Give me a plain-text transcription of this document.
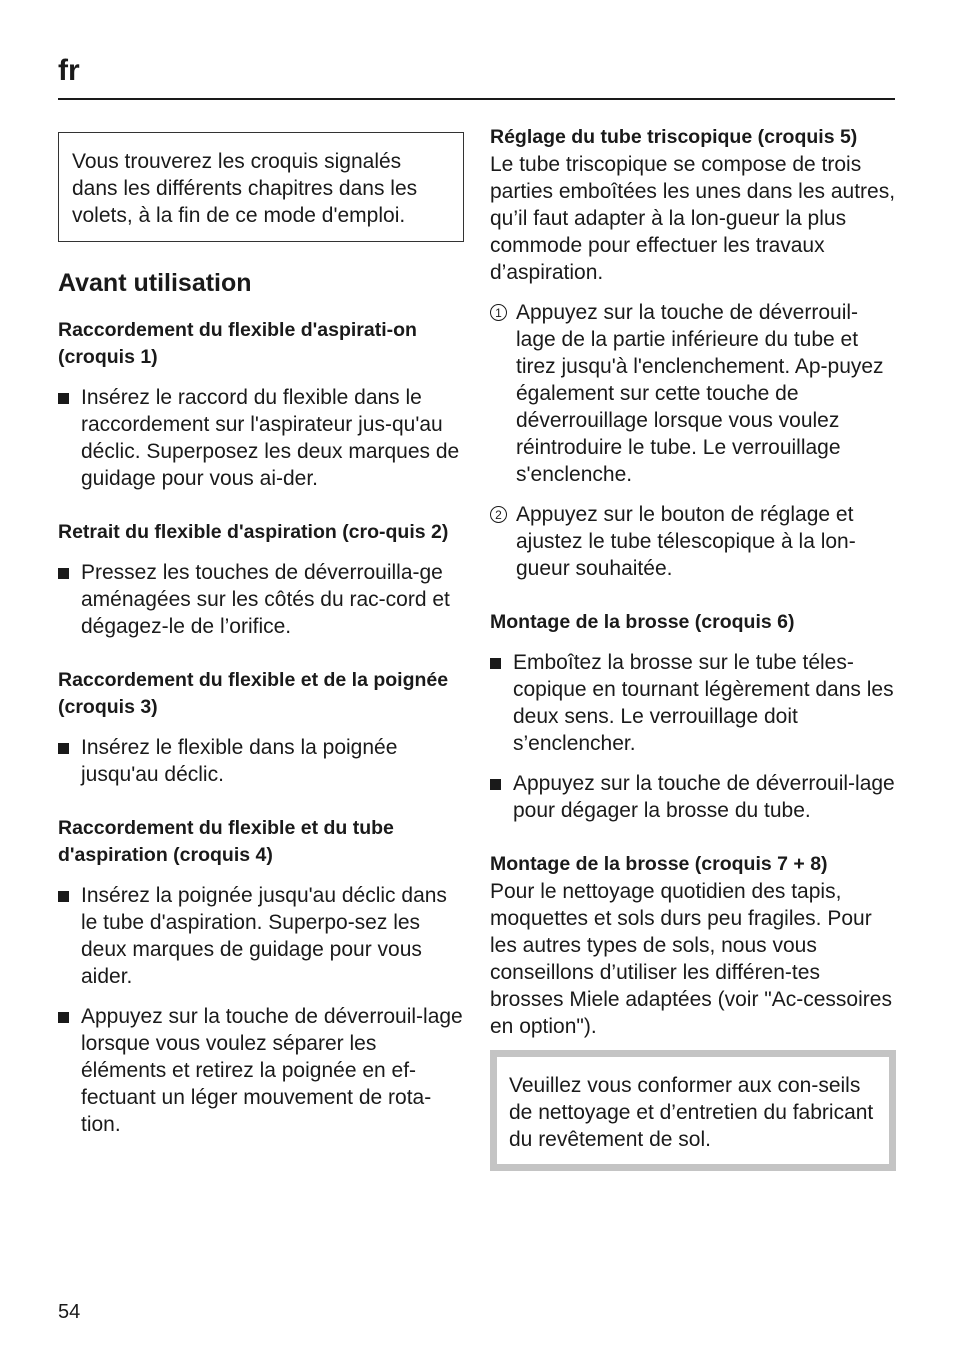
fr
Vous trouverez les croquis signalés dans les différents chapitres dans les volets, à la fin de ce mode d'emploi.
Avant utilisation
Raccordement du flexible d'aspirati-on (croquis 1)
Insérez le raccord du flexible dans le raccordement sur l'aspirateur jus-qu'au déclic. Superposez les deux marques de guidage pour vous ai-der.
Retrait du flexible d'aspiration (cro-quis 2)
Pressez les touches de déverrouilla-ge aménagées sur les côtés du rac-cord et dégagez-le de l’orifice.
Raccordement du flexible et de la poignée (croquis 3)
Insérez le flexible dans la poignée jusqu'au déclic.
Raccordement du flexible et du tube d'aspiration (croquis 4)
Insérez la poignée jusqu'au déclic dans le tube d'aspiration. Superpo-sez les deux marques de guidage pour vous aider.
Appuyez sur la touche de déverrouil-lage lorsque vous voulez séparer les éléments et retirez la poignée en ef-fectuant un léger mouvement de rota-tion.
Réglage du tube triscopique (croquis 5)

Le tube triscopique se compose de trois parties emboîtées les unes dans les autres, qu’il faut adapter à la lon-gueur la plus commode pour effectuer les travaux d’aspiration.

1 Appuyez sur la touche de déverrouil-lage de la partie inférieure du tube et tirez jusqu'à l'enclenchement. Ap-puyez également sur cette touche de déverrouillage lorsque vous voulez réintroduire le tube. Le verrouillage s'enclenche.
2 Appuyez sur le bouton de réglage et ajustez le tube télescopique à la lon-gueur souhaitée.
Montage de la brosse (croquis 6)
Emboîtez la brosse sur le tube téles-copique en tournant légèrement dans les deux sens. Le verrouillage doit s’enclencher.
Appuyez sur la touche de déverrouil-lage pour dégager la brosse du tube.
Montage de la brosse (croquis 7 + 8)

Pour le nettoyage quotidien des tapis, moquettes et sols durs peu fragiles. Pour les autres types de sols, nous vous conseillons d’utiliser les différen-tes brosses Miele adaptées (voir "Ac-cessoires en option").

Veuillez vous conformer aux con-seils de nettoyage et d’entretien du fabricant du revêtement de sol.
54
